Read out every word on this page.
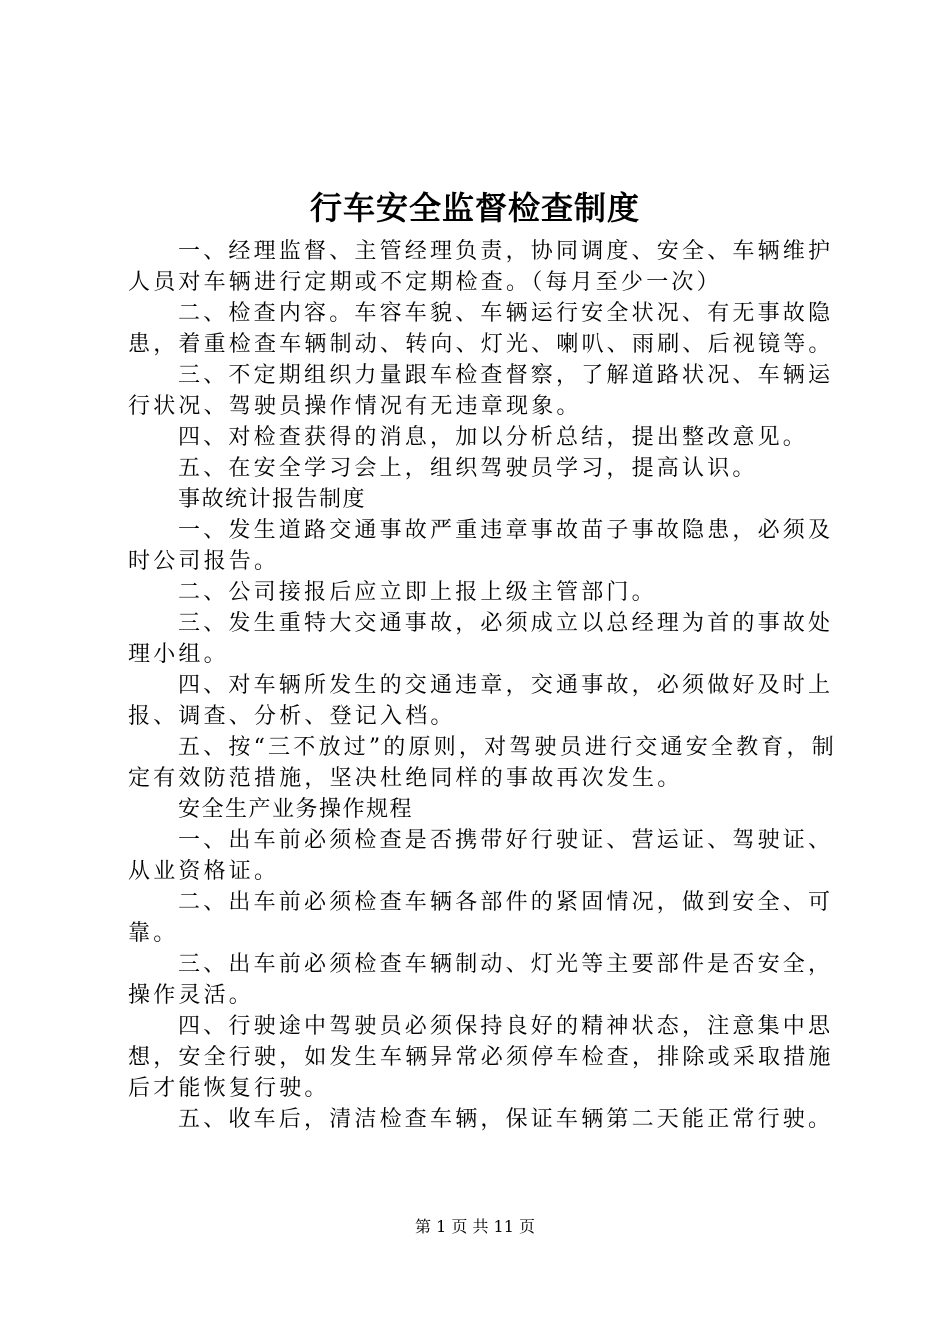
行车安全监督检查制度

一、经理监督、主管经理负责，协同调度、安全、车辆维护人员对车辆进行定期或不定期检查。（每月至少一次）

二、检查内容。车容车貌、车辆运行安全状况、有无事故隐患，着重检查车辆制动、转向、灯光、喇叭、雨刷、后视镜等。

三、不定期组织力量跟车检查督察，了解道路状况、车辆运行状况、驾驶员操作情况有无违章现象。

四、对检查获得的消息，加以分析总结，提出整改意见。

五、在安全学习会上，组织驾驶员学习，提高认识。

事故统计报告制度

一、发生道路交通事故严重违章事故苗子事故隐患，必须及时公司报告。

二、公司接报后应立即上报上级主管部门。

三、发生重特大交通事故，必须成立以总经理为首的事故处理小组。

四、对车辆所发生的交通违章，交通事故，必须做好及时上报、调查、分析、登记入档。

五、按“三不放过”的原则，对驾驶员进行交通安全教育，制定有效防范措施，坚决杜绝同样的事故再次发生。

安全生产业务操作规程

一、出车前必须检查是否携带好行驶证、营运证、驾驶证、从业资格证。

二、出车前必须检查车辆各部件的紧固情况，做到安全、可靠。

三、出车前必须检查车辆制动、灯光等主要部件是否安全，操作灵活。

四、行驶途中驾驶员必须保持良好的精神状态，注意集中思想，安全行驶，如发生车辆异常必须停车检查，排除或采取措施后才能恢复行驶。

五、收车后，清洁检查车辆，保证车辆第二天能正常行驶。

第 1 页 共 11 页
